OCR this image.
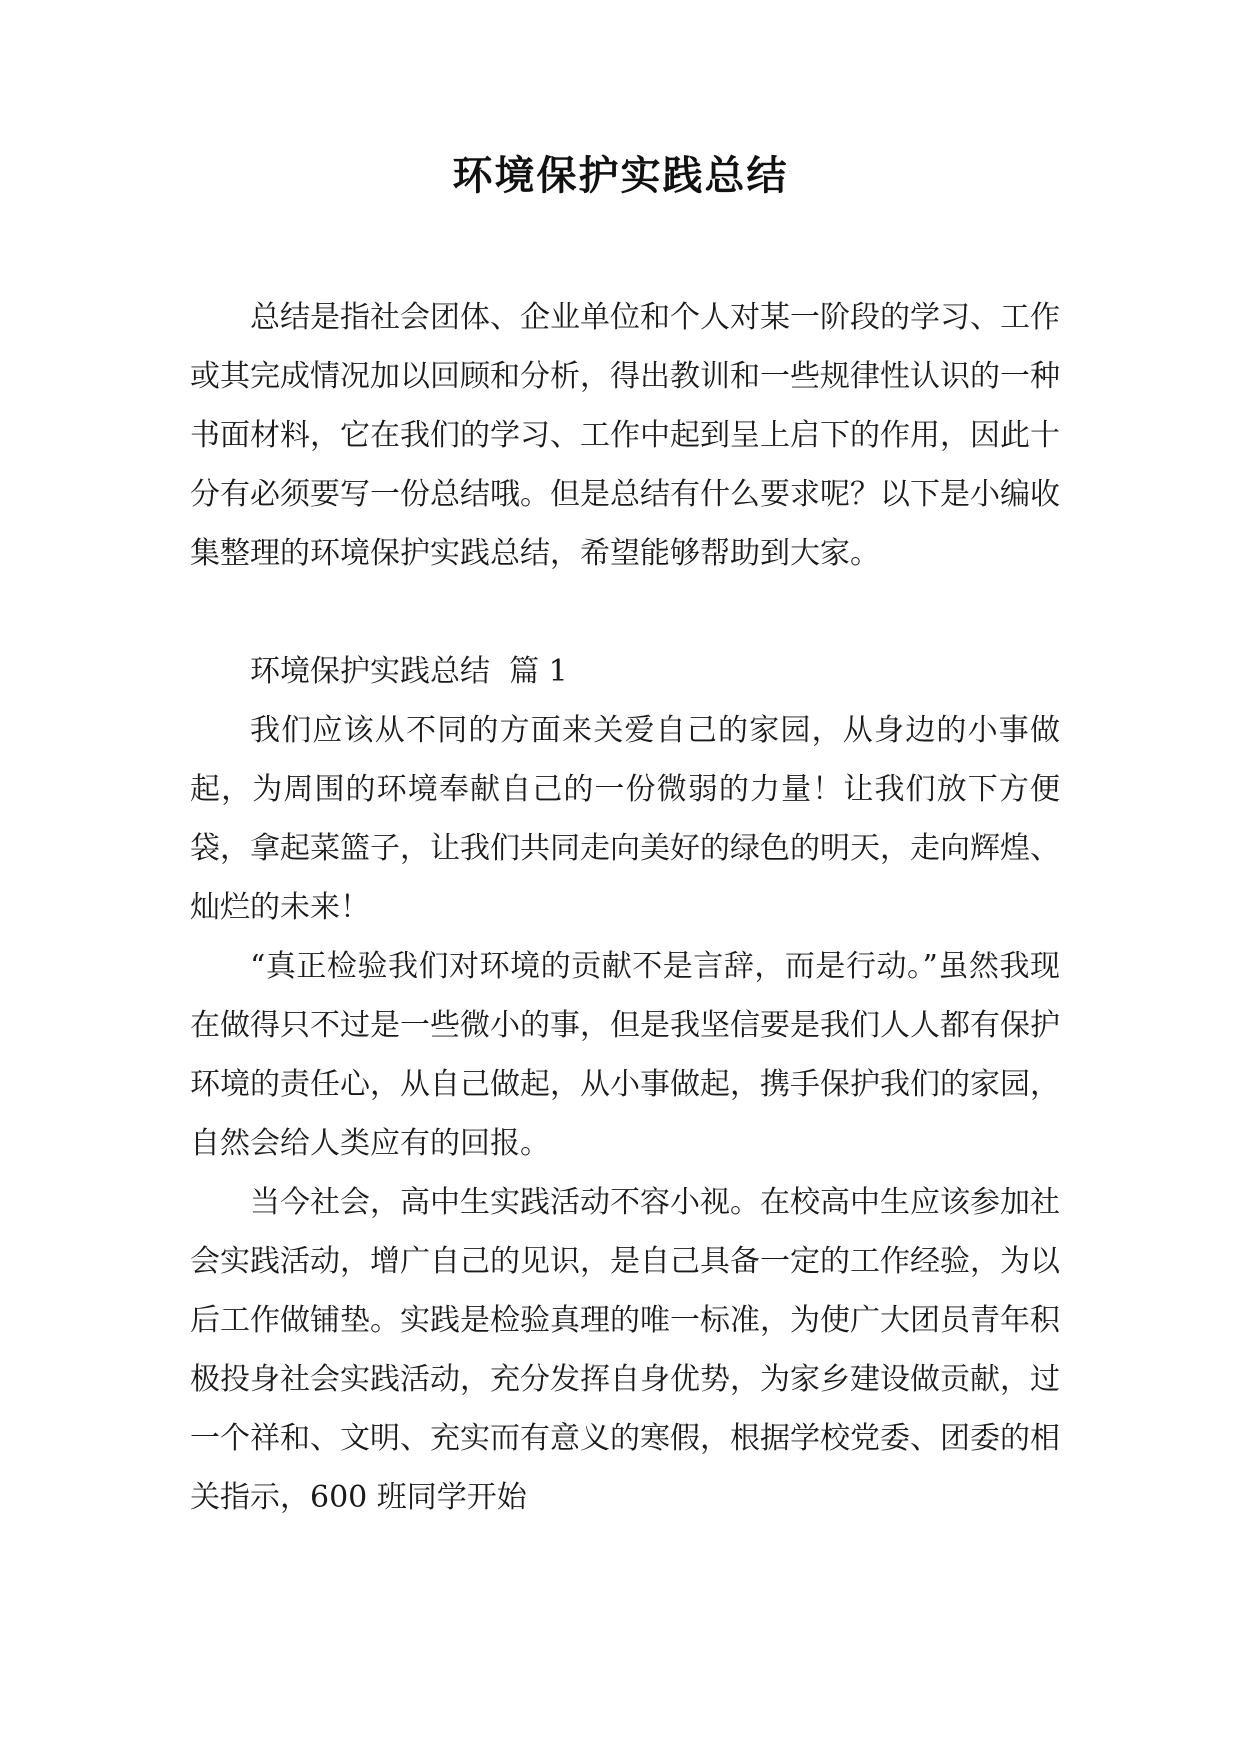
环境保护实践总结

总结是指社会团体、企业单位和个人对某一阶段的学习、工作或其完成情况加以回顾和分析，得出教训和一些规律性认识的一种书面材料，它在我们的学习、工作中起到呈上启下的作用，因此十分有必须要写一份总结哦。但是总结有什么要求呢？以下是小编收集整理的环境保护实践总结，希望能够帮助到大家。

环境保护实践总结  篇 1

我们应该从不同的方面来关爱自己的家园，从身边的小事做起，为周围的环境奉献自己的一份微弱的力量！让我们放下方便袋，拿起菜篮子，让我们共同走向美好的绿色的明天，走向辉煌、灿烂的未来！

“真正检验我们对环境的贡献不是言辞，而是行动。”虽然我现在做得只不过是一些微小的事，但是我坚信要是我们人人都有保护环境的责任心，从自己做起，从小事做起，携手保护我们的家园，自然会给人类应有的回报。

当今社会，高中生实践活动不容小视。在校高中生应该参加社会实践活动，增广自己的见识，是自己具备一定的工作经验，为以后工作做铺垫。实践是检验真理的唯一标准，为使广大团员青年积极投身社会实践活动，充分发挥自身优势，为家乡建设做贡献，过一个祥和、文明、充实而有意义的寒假，根据学校党委、团委的相关指示，600 班同学开始
